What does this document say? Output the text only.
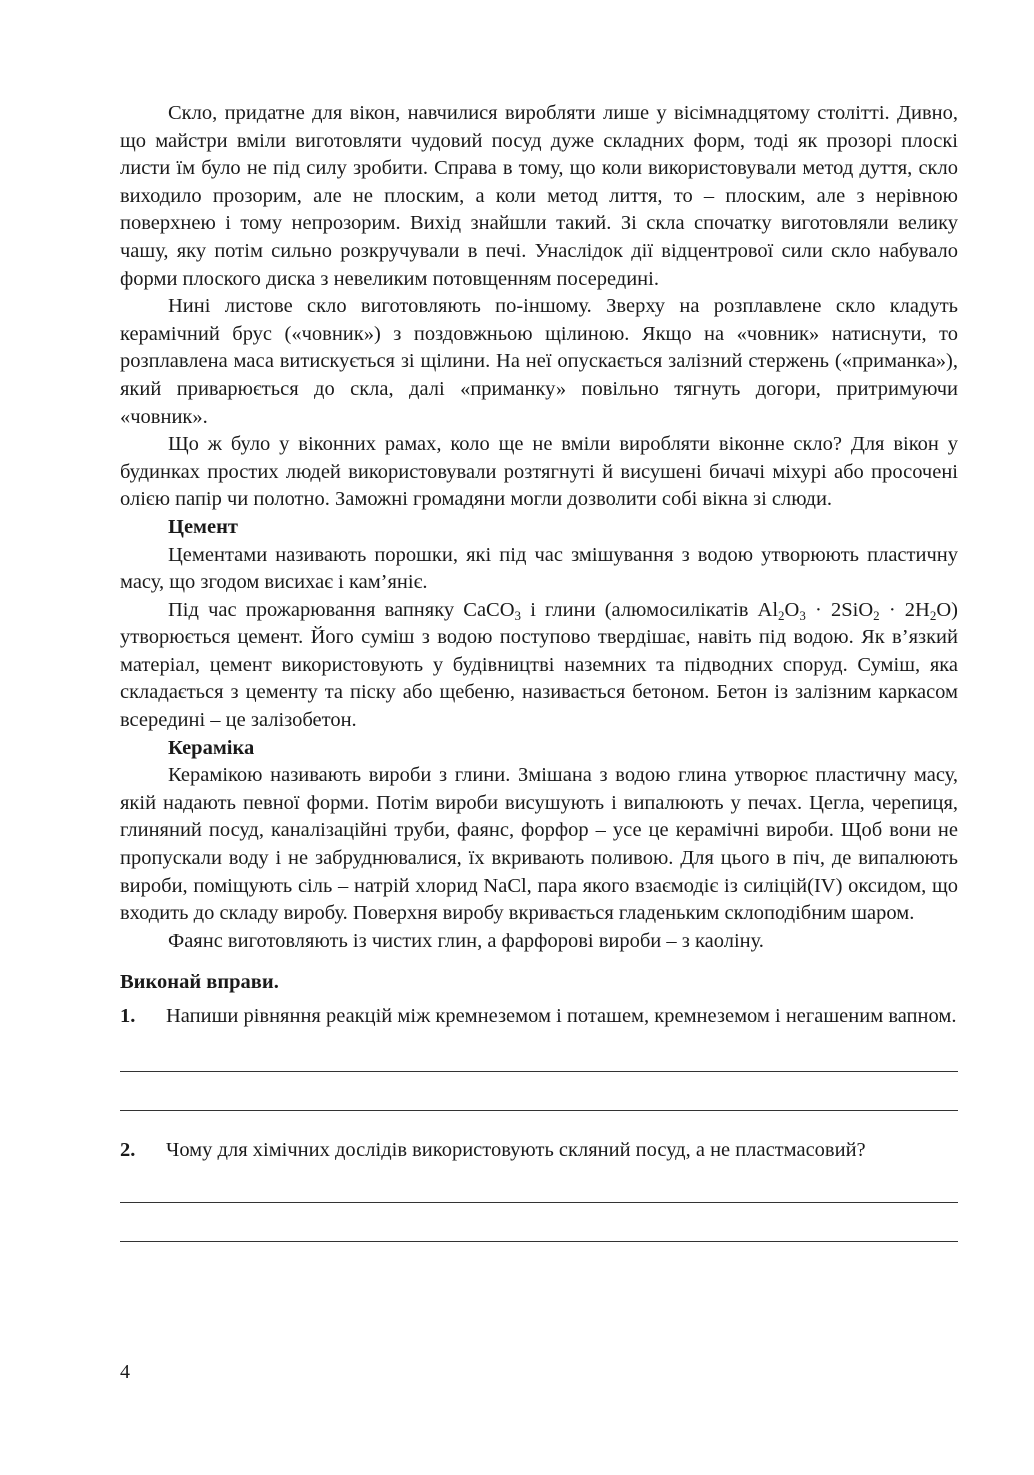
Скло, придатне для вікон, навчилися виробляти лише у вісімнадцятому столітті. Дивно, що майстри вміли виготовляти чудовий посуд дуже складних форм, тоді як прозорі плоскі листи їм було не під силу зробити. Справа в тому, що коли використовували метод дуття, скло виходило прозорим, але не плоским, а коли метод лиття, то – плоским, але з нерівною поверхнею і тому непрозорим. Вихід знайшли такий. Зі скла спочатку виготовляли велику чашу, яку потім сильно розкручували в печі. Унаслідок дії відцентрової сили скло набувало форми плоского диска з невеликим потовщенням посередині.

Нині листове скло виготовляють по-іншому. Зверху на розплавлене скло кладуть керамічний брус («човник») з поздовжньою щілиною. Якщо на «човник» натиснути, то розплавлена маса витискується зі щілини. На неї опускається залізний стержень («приманка»), який приварюється до скла, далі «приманку» повільно тягнуть догори, притримуючи «човник».

Що ж було у віконних рамах, коло ще не вміли виробляти віконне скло? Для вікон у будинках простих людей використовували розтягнуті й висушені бичачі міхурі або просочені олією папір чи полотно. Заможні громадяни могли дозволити собі вікна зі слюди.

Цемент

Цементами називають порошки, які під час змішування з водою утворюють пластичну масу, що згодом висихає і кам’яніє.

Під час прожарювання вапняку CaCO$_3$ і глини (алюмосилікатів $Al_2O_3 \cdot 2SiO_2 \cdot 2H_2O$) утворюється цемент. Його суміш з водою поступово твердішає, навіть під водою. Як в’язкий матеріал, цемент використовують у будівництві наземних та підводних споруд. Суміш, яка складається з цементу та піску або щебеню, називається бетоном. Бетон із залізним каркасом всередині – це залізобетон.

Кераміка

Керамікою називають вироби з глини. Змішана з водою глина утворює пластичну масу, якій надають певної форми. Потім вироби висушують і випалюють у печах. Цегла, черепиця, глиняний посуд, каналізаційні труби, фаянс, форфор – усе це керамічні вироби. Щоб вони не пропускали воду і не забруднювалися, їх вкривають поливою. Для цього в піч, де випалюють вироби, поміщують сіль – натрій хлорид NaCl, пара якого взаємодіє із силіцій(IV) оксидом, що входить до складу виробу. Поверхня виробу вкривається гладеньким склоподібним шаром.

Фаянс виготовляють із чистих глин, а фарфорові вироби – з каоліну.

Виконай вправи.
1.	Напиши рівняння реакцій між кремнеземом і поташем, кремнеземом і негашеним вапном.
2.	Чому для хімічних дослідів використовують скляний посуд, а не пластмасовий?
4
